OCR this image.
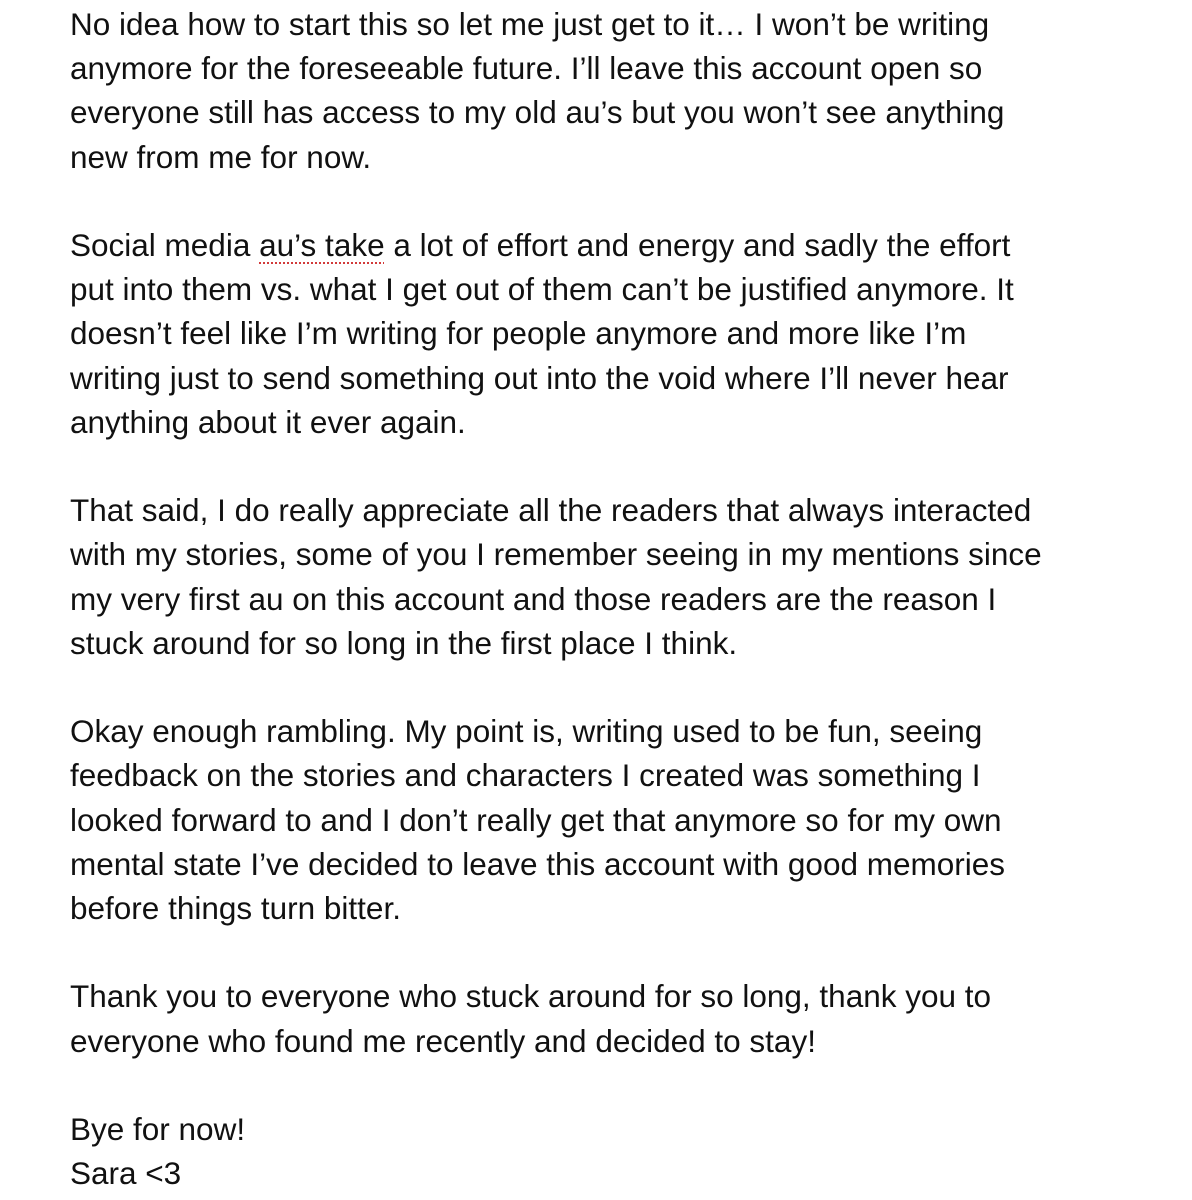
No idea how to start this so let me just get to it… I won’t be writing
anymore for the foreseeable future. I’ll leave this account open so
everyone still has access to my old au’s but you won’t see anything
new from me for now.

Social media au’s take a lot of effort and energy and sadly the effort
put into them vs. what I get out of them can’t be justified anymore. It
doesn’t feel like I’m writing for people anymore and more like I’m
writing just to send something out into the void where I’ll never hear
anything about it ever again.

That said, I do really appreciate all the readers that always interacted
with my stories, some of you I remember seeing in my mentions since
my very first au on this account and those readers are the reason I
stuck around for so long in the first place I think.

Okay enough rambling. My point is, writing used to be fun, seeing
feedback on the stories and characters I created was something I
looked forward to and I don’t really get that anymore so for my own
mental state I’ve decided to leave this account with good memories
before things turn bitter.

Thank you to everyone who stuck around for so long, thank you to
everyone who found me recently and decided to stay!

Bye for now!
Sara <3
